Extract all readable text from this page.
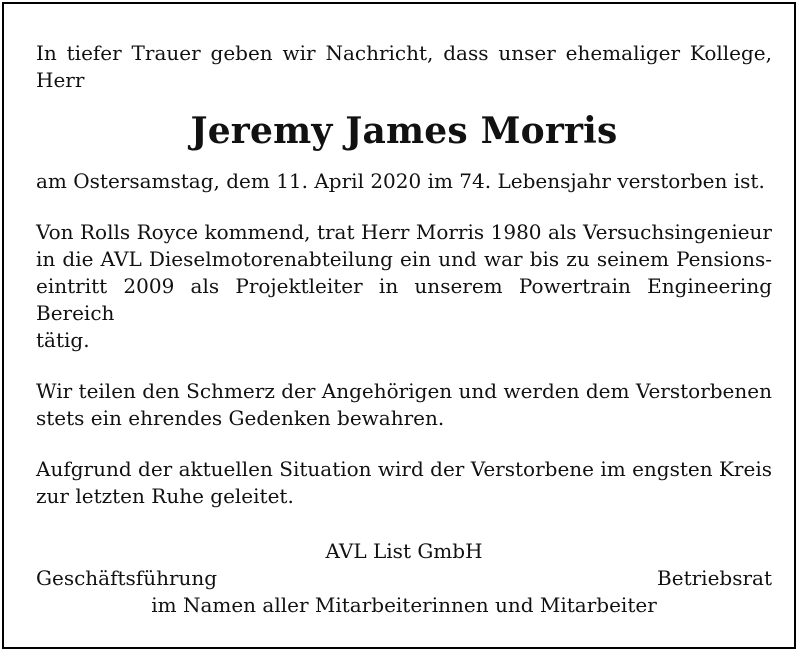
In tiefer Trauer geben wir Nachricht, dass unser ehemaliger Kollege,
Herr

Jeremy James Morris

am Ostersamstag, dem 11. April 2020 im 74. Lebensjahr verstorben ist.

Von Rolls Royce kommend, trat Herr Morris 1980 als Versuchsingenieur
in die AVL Dieselmotorenabteilung ein und war bis zu seinem Pensions-
eintritt 2009 als Projektleiter in unserem Powertrain Engineering Bereich
tätig.

Wir teilen den Schmerz der Angehörigen und werden dem Verstorbenen
stets ein ehrendes Gedenken bewahren.

Aufgrund der aktuellen Situation wird der Verstorbene im engsten Kreis
zur letzten Ruhe geleitet.

AVL List GmbH
Geschäftsführung	Betriebsrat
im Namen aller Mitarbeiterinnen und Mitarbeiter
